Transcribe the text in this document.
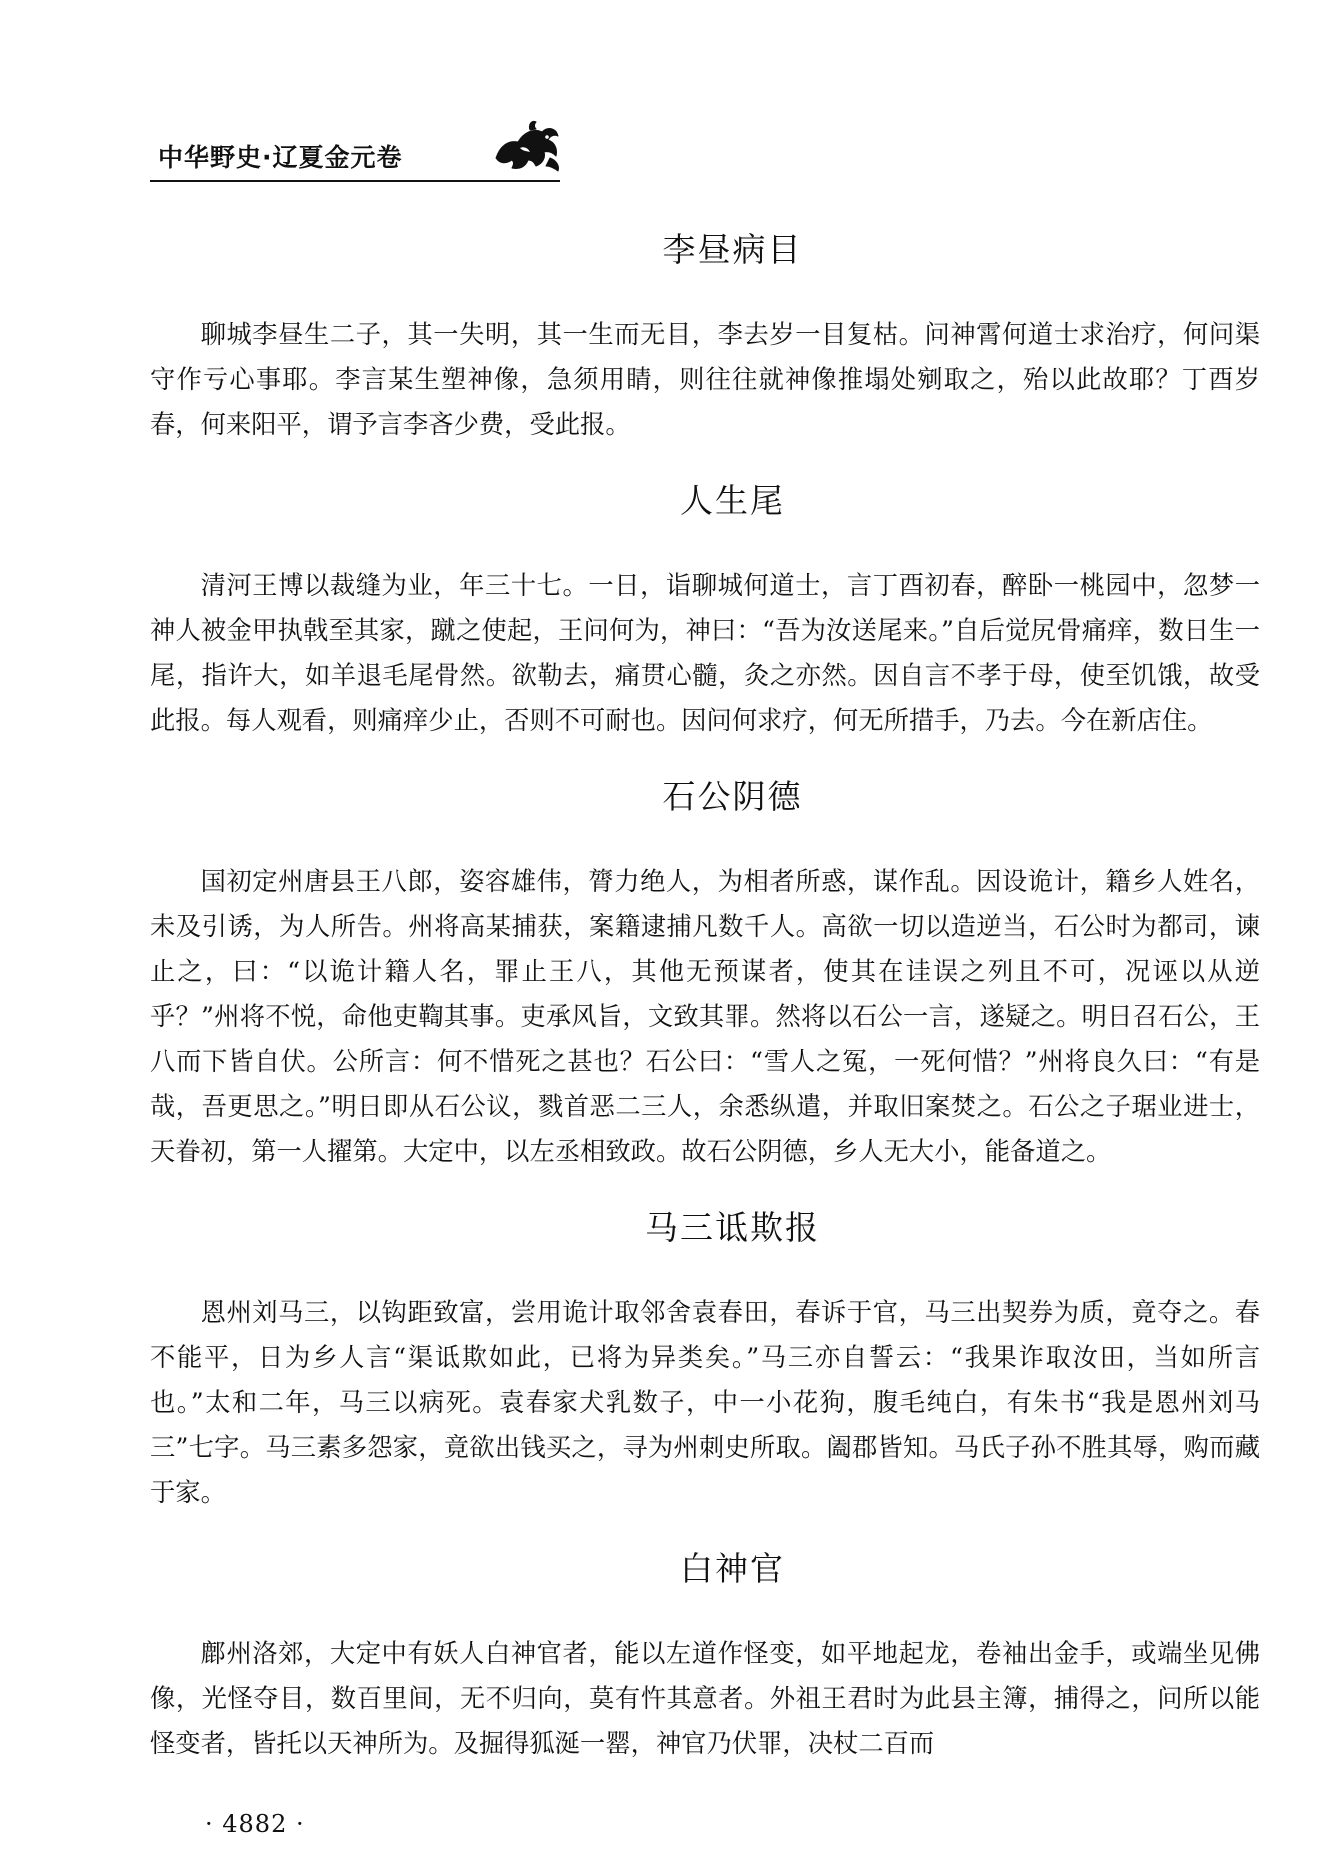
中华野史·辽夏金元卷
李昼病目

聊城李昼生二子，其一失明，其一生而无目，李去岁一目复枯。问神霄何道士求治疗，何问渠守作亏心事耶。李言某生塑神像，急须用睛，则往往就神像推塌处剜取之，殆以此故耶？丁酉岁春，何来阳平，谓予言李吝少费，受此报。

人生尾

清河王博以裁缝为业，年三十七。一日，诣聊城何道士，言丁酉初春，醉卧一桃园中，忽梦一神人被金甲执戟至其家，蹴之使起，王问何为，神曰：“吾为汝送尾来。”自后觉尻骨痛痒，数日生一尾，指许大，如羊退毛尾骨然。欲勒去，痛贯心髓，灸之亦然。因自言不孝于母，使至饥饿，故受此报。每人观看，则痛痒少止，否则不可耐也。因问何求疗，何无所措手，乃去。今在新店住。

石公阴德

国初定州唐县王八郎，姿容雄伟，膂力绝人，为相者所惑，谋作乱。因设诡计，籍乡人姓名，未及引诱，为人所告。州将高某捕获，案籍逮捕凡数千人。高欲一切以造逆当，石公时为都司，谏止之，曰：“以诡计籍人名，罪止王八，其他无预谋者，使其在诖误之列且不可，况诬以从逆乎？”州将不悦，命他吏鞫其事。吏承风旨，文致其罪。然将以石公一言，遂疑之。明日召石公，王八而下皆自伏。公所言：何不惜死之甚也？石公曰：“雪人之冤，一死何惜？”州将良久曰：“有是哉，吾更思之。”明日即从石公议，戮首恶二三人，余悉纵遣，并取旧案焚之。石公之子琚业进士，天眷初，第一人擢第。大定中，以左丞相致政。故石公阴德，乡人无大小，能备道之。

马三诋欺报

恩州刘马三，以钩距致富，尝用诡计取邻舍袁春田，春诉于官，马三出契券为质，竟夺之。春不能平，日为乡人言“渠诋欺如此，已将为异类矣。”马三亦自誓云：“我果诈取汝田，当如所言也。”太和二年，马三以病死。袁春家犬乳数子，中一小花狗，腹毛纯白，有朱书“我是恩州刘马三”七字。马三素多怨家，竟欲出钱买之，寻为州刺史所取。阖郡皆知。马氏子孙不胜其辱，购而藏于家。

白神官

鄜州洛郊，大定中有妖人白神官者，能以左道作怪变，如平地起龙，卷袖出金手，或端坐见佛像，光怪夺目，数百里间，无不归向，莫有忤其意者。外祖王君时为此县主簿，捕得之，问所以能怪变者，皆托以天神所为。及掘得狐涎一罂，神官乃伏罪，决杖二百而

· 4882 ·
